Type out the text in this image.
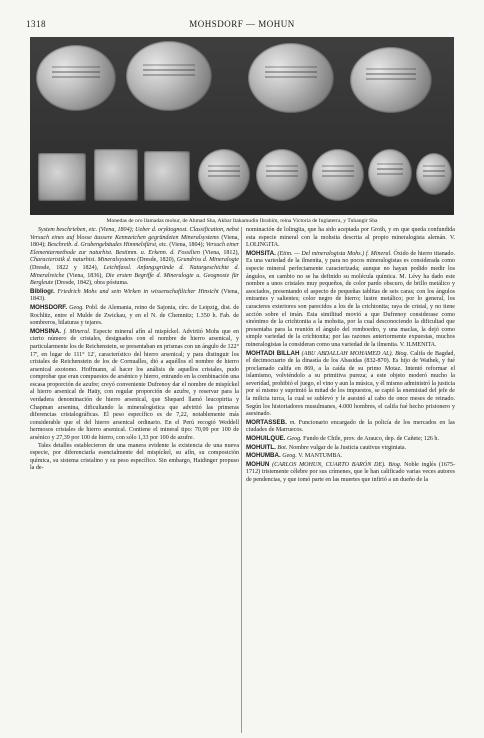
1318	MOHSDORF — MOHUN
Monedas de oro llamadas mohur, de Ahmad Sha, Akbar Itakamudin Ibrahim, reina Victoria de Inglaterra, y Tuhangir Sha

System beschrieben, etc. (Viena, 1804); Ueber d. oryktognost. Classification, nebst Versuch eines auf blosse äussere Kennzeichen gegründeten Mineralsystems (Viena, 1804); Beschreib. d. Grubengebäudes Himmelsfürst, etc. (Viena, 1804); Versuch einer Elementarmethode zur naturhist. Bestimm. u. Erkenn. d. Fossilien (Viena, 1812), Characteristik d. naturhist. Mineralsystems (Dresde, 1820), Grundriss d. Mineralogie (Dresde, 1822 y 1824), Leichtfassl. Anfangsgründe d. Naturgeschichte d. Mineralreiche (Viena, 1836), Die ersten Begriffe d. Mineralogie u. Geognosie für Bergleute (Dresde, 1842), obra póstuma.

Bibliogr. Friedrich Mohs und sein Wirken in wissenschaftlicher Hinsicht (Viena, 1843).

MOHSDORF. Geog. Pobl. de Alemania, reino de Sajonia, círc. de Leipzig, dist. de Rochlitz, entre el Mulde de Zwickau, y en el N. de Chemnitz; 1.350 h. Fab. de sombreros, hilaturas y tejares.

MOHSINA. f. Mineral. Especie mineral afín al mispíckel. Advirtió Mohs que en cierto número de cristales, designados con el nombre de hierro arsenical, y particularmente los de Reichenstein, se presentaban en prismas con un ángulo de 122° 17', en lugar de 111° 12', característico del hierro arsenical; y para distinguir los cristales de Reichenstein de los de Cornualles, dió a aquéllos el nombre de hierro arsenical axotomo. Hoffmann, al hacer los análisis de aquellos cristales, pudo comprobar que eran compuestos de arsénico y hierro, entrando en la combinación una escasa proporción de azufre; creyó conveniente Dufrenoy dar el nombre de mispíckel al hierro arsenical de Haüy, con regular proporción de azufre, y reservar para la verdadera denominación de hierro arsenical, que Shepard llamó leucopirita y Chapman arsenina, dificultando la mineralogística que advirtió las primeras diferencias cristalográficas. El peso específico es de 7,22, notablemente más considerable que el del hierro arsenical ordinario. En el Perú recogió Weddell hermosos cristales de hierro arsenical. Contiene el mineral tipo: 70,09 por 100 de arsénico y 27,39 por 100 de hierro, con sólo 1,33 por 100 de azufre.

Tales detalles establecieron de una manera evidente la existencia de una nueva especie, por diferenciarla esencialmente del mispíckel, su afín, su composición química, su sistema cristalino y su peso específico. Sin embargo, Haidinger propuso la de-

nominación de lolingita, que ha sido aceptada por Groth, y en que queda confundida esta especie mineral con la mohsita descrita al propio mineralogista alemán. V. LOLINGITA.

MOHSITA. (Etim. — Del mineralogista Mohs.) f. Mineral. Óxido de hierro titanado. Es una variedad de la ilmenita, y para no pocos mineralogistas es considerada como especie mineral perfectamente caracterizada; aunque no hayan podido medir los ángulos, en cambio no se ha definido su molécula química. M. Lévy ha dado este nombre a unos cristales muy pequeños, de color pardo obscuro, de brillo metálico y asociados, presentando el aspecto de pequeñas tablitas de seis caras; con los ángulos entrantes y salientes; color negro de hierro; lustre metálico; por lo general, los caracteres exteriores son parecidos a los de la crichtonita; raya de cristal, y no tiene acción sobre el imán. Esta similitud movió a que Dufrenoy considerase como sinónimo de la crichtonita a la mohsita, por la cual desconociendo la dificultad que presentaba para la reunión el ángulo del romboedro, y una maclas, la dejó como simple variedad de la crichtonita; por las razones anteriormente expuestas, muchos mineralogistas la consideran como una variedad de la ilmenita. V. ILMENITA.

MOHTADI BILLAH (ABU ABDALLAH MOHAMED AL). Biog. Califa de Bagdad, el decimocuarto de la dinastía de los Abasidas (832-870). Es hijo de Wathek, y fué proclamado califa en 869, a la caída de su primo Motaz. Intentó reformar el islamismo, volviéndolo a su primitiva pureza; a este objeto moderó mucho la severidad, prohibió el juego, el vino y aun la música, y él mismo administró la justicia por sí mismo y suprimió la mitad de los impuestos, se captó la enemistad del jefe de la milicia turca, la cual se sublevó y le asesinó al cabo de once meses de reinado. Según los historiadores musulmanes, 4.000 hombres, el califa fué hecho prisionero y asesinado.

MORTASSEB. m. Funcionario encargado de la policía de los mercados en las ciudades de Marruecos.

MOHUILQUE. Geog. Fundo de Chile, prov. de Arauco, dep. de Cañete; 126 h.

MOHUITL. Bot. Nombre vulgar de la Justicia cautivus virginiata.

MOHUMBA. Geog. V. MANTUMBA.

MOHUN (CARLOS MOHUN, CUARTO BARÓN DE). Biog. Noble inglés (1675-1712) tristemente célebre por sus crímenes, que le han calificado varias veces autores de pendencias, y que tomó parte en las muertes que infirió a un dueño de la
